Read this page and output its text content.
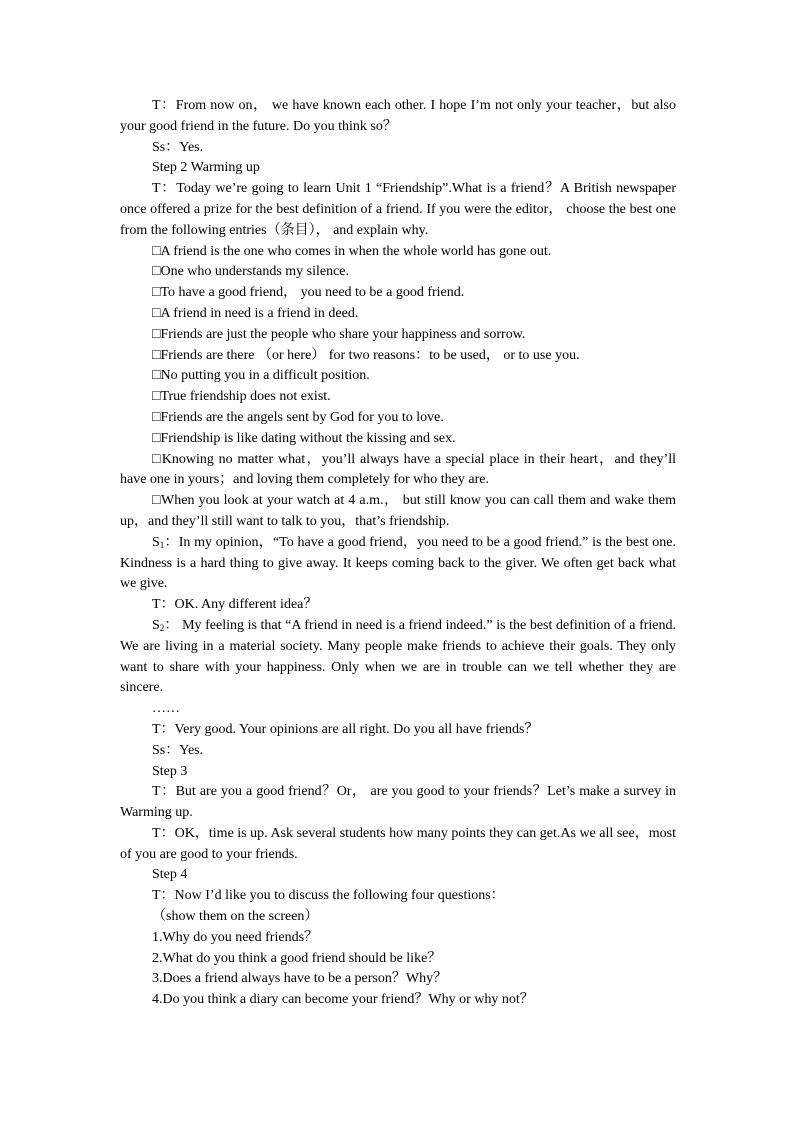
T：From now on， we have known each other. I hope I’m not only your teacher，but also your good friend in the future. Do you think so？

Ss：Yes.

Step 2 Warming up

T：Today we’re going to learn Unit 1 “Friendship”.What is a friend？A British newspaper once offered a prize for the best definition of a friend. If you were the editor， choose the best one from the following entries（条目）， and explain why.

□A friend is the one who comes in when the whole world has gone out.

□One who understands my silence.

□To have a good friend， you need to be a good friend.

□A friend in need is a friend in deed.

□Friends are just the people who share your happiness and sorrow.

□Friends are there （or here） for two reasons：to be used， or to use you.

□No putting you in a difficult position.

□True friendship does not exist.

□Friends are the angels sent by God for you to love.

□Friendship is like dating without the kissing and sex.

□Knowing no matter what，you’ll always have a special place in their heart，and they’ll have one in yours；and loving them completely for who they are.

□When you look at your watch at 4 a.m.， but still know you can call them and wake them up，and they’ll still want to talk to you，that’s friendship.

$S_1$：In my opinion，“To have a good friend，you need to be a good friend.” is the best one. Kindness is a hard thing to give away. It keeps coming back to the giver. We often get back what we give.

T：OK. Any different idea？

$S_2$： My feeling is that “A friend in need is a friend indeed.” is the best definition of a friend. We are living in a material society. Many people make friends to achieve their goals. They only want to share with your happiness. Only when we are in trouble can we tell whether they are sincere.

……

T：Very good. Your opinions are all right. Do you all have friends？

Ss：Yes.

Step 3

T：But are you a good friend？Or， are you good to your friends？Let’s make a survey in Warming up.

T：OK，time is up. Ask several students how many points they can get.As we all see，most of you are good to your friends.

Step 4

T：Now I’d like you to discuss the following four questions：

（show them on the screen）

1.Why do you need friends？

2.What do you think a good friend should be like？

3.Does a friend always have to be a person？Why？

4.Do you think a diary can become your friend？Why or why not？
